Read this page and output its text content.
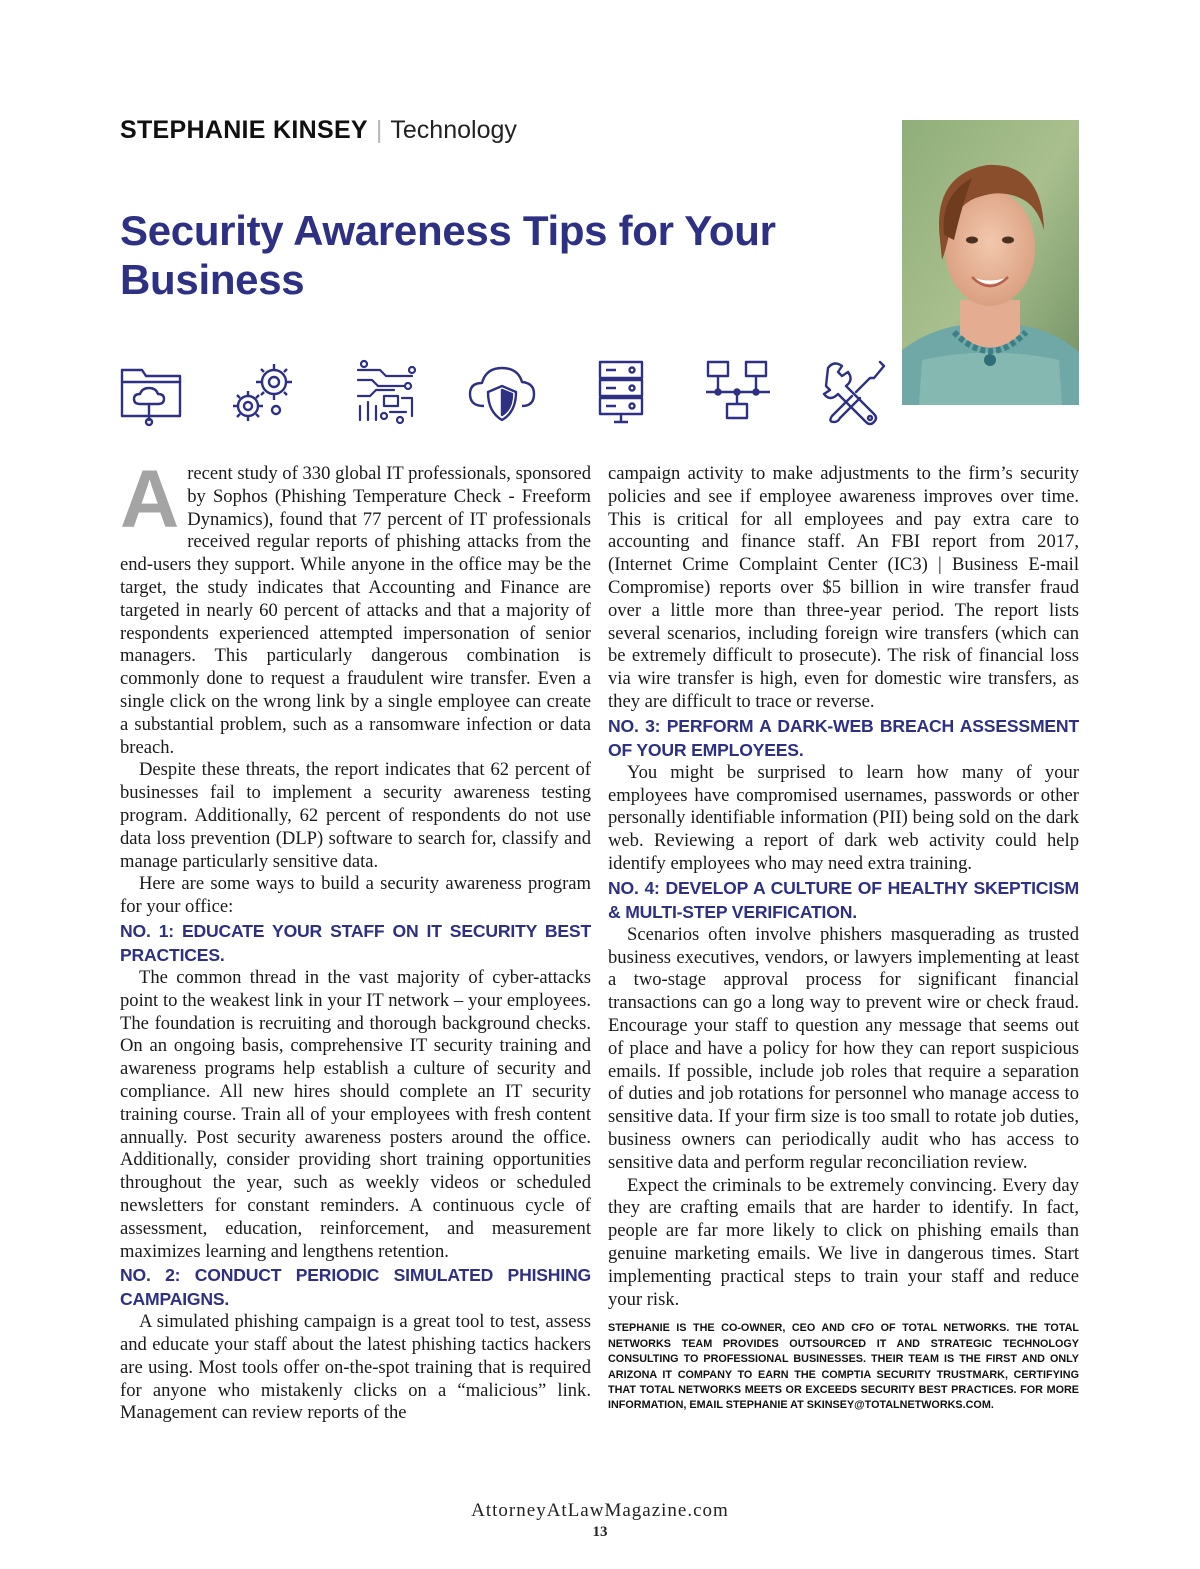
STEPHANIE KINSEY | Technology
Security Awareness Tips for Your Business

Arecent study of 330 global IT professionals, sponsored by Sophos (Phishing Temperature Check - Freeform Dynamics), found that 77 percent of IT professionals received regular reports of phishing attacks from the end-users they support. While anyone in the office may be the target, the study indicates that Accounting and Finance are targeted in nearly 60 percent of attacks and that a majority of respondents experienced attempted impersonation of senior managers. This particularly dangerous combination is commonly done to request a fraudulent wire transfer. Even a single click on the wrong link by a single employee can create a substantial problem, such as a ransomware infection or data breach.

Despite these threats, the report indicates that 62 percent of businesses fail to implement a security awareness testing program. Additionally, 62 percent of respondents do not use data loss prevention (DLP) software to search for, classify and manage particularly sensitive data.

Here are some ways to build a security awareness program for your office:

NO. 1: EDUCATE YOUR STAFF ON IT SECURITY BEST PRACTICES.

The common thread in the vast majority of cyber-attacks point to the weakest link in your IT network – your employees. The foundation is recruiting and thorough background checks. On an ongoing basis, comprehensive IT security training and awareness programs help establish a culture of security and compliance. All new hires should complete an IT security training course. Train all of your employees with fresh content annually. Post security awareness posters around the office. Additionally, consider providing short training opportunities throughout the year, such as weekly videos or scheduled newsletters for constant reminders. A continuous cycle of assessment, education, reinforcement, and measurement maximizes learning and lengthens retention.

NO. 2: CONDUCT PERIODIC SIMULATED PHISHING CAMPAIGNS.

A simulated phishing campaign is a great tool to test, assess and educate your staff about the latest phishing tactics hackers are using. Most tools offer on-the-spot training that is required for anyone who mistakenly clicks on a “malicious” link. Management can review reports of the

campaign activity to make adjustments to the firm’s security policies and see if employee awareness improves over time. This is critical for all employees and pay extra care to accounting and finance staff. An FBI report from 2017, (Internet Crime Complaint Center (IC3) | Business E-mail Compromise) reports over $5 billion in wire transfer fraud over a little more than three-year period. The report lists several scenarios, including foreign wire transfers (which can be extremely difficult to prosecute). The risk of financial loss via wire transfer is high, even for domestic wire transfers, as they are difficult to trace or reverse.

NO. 3: PERFORM A DARK-WEB BREACH ASSESSMENT OF YOUR EMPLOYEES.

You might be surprised to learn how many of your employees have compromised usernames, passwords or other personally identifiable information (PII) being sold on the dark web. Reviewing a report of dark web activity could help identify employees who may need extra training.

NO. 4: DEVELOP A CULTURE OF HEALTHY SKEPTICISM & MULTI-STEP VERIFICATION.

Scenarios often involve phishers masquerading as trusted business executives, vendors, or lawyers implementing at least a two-stage approval process for significant financial transactions can go a long way to prevent wire or check fraud. Encourage your staff to question any message that seems out of place and have a policy for how they can report suspicious emails. If possible, include job roles that require a separation of duties and job rotations for personnel who manage access to sensitive data. If your firm size is too small to rotate job duties, business owners can periodically audit who has access to sensitive data and perform regular reconciliation review.

Expect the criminals to be extremely convincing. Every day they are crafting emails that are harder to identify. In fact, people are far more likely to click on phishing emails than genuine marketing emails. We live in dangerous times. Start implementing practical steps to train your staff and reduce your risk.

STEPHANIE IS THE CO-OWNER, CEO AND CFO OF TOTAL NETWORKS. THE TOTAL NETWORKS TEAM PROVIDES OUTSOURCED IT AND STRATEGIC TECHNOLOGY CONSULTING TO PROFESSIONAL BUSINESSES. THEIR TEAM IS THE FIRST AND ONLY ARIZONA IT COMPANY TO EARN THE COMPTIA SECURITY TRUSTMARK, CERTIFYING THAT TOTAL NETWORKS MEETS OR EXCEEDS SECURITY BEST PRACTICES. FOR MORE INFORMATION, EMAIL STEPHANIE AT SKINSEY@TOTALNETWORKS.COM.

AttorneyAtLawMagazine.com
13
